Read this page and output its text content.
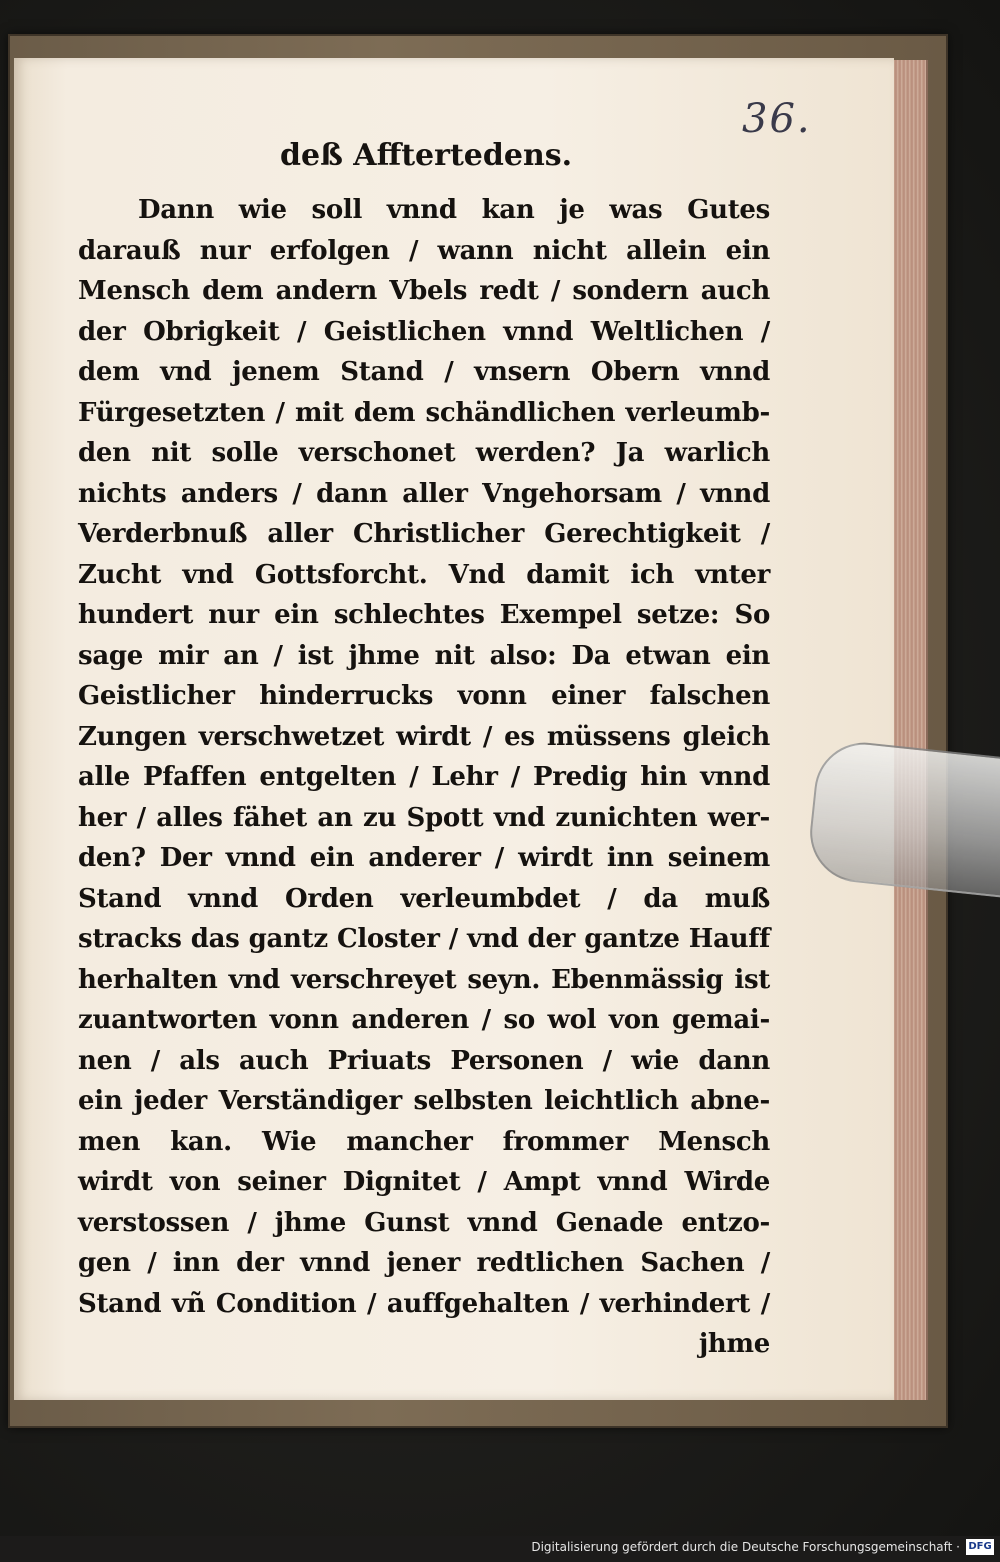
36.
deß Afftertedens.
Dann wie soll vnnd kan je was Gutes
darauß nur erfolgen / wann nicht allein ein
Mensch dem andern Vbels redt / sondern auch
der Obrigkeit / Geistlichen vnnd Weltlichen /
dem vnd jenem Stand / vnsern Obern vnnd
Fürgesetzten / mit dem schändlichen verleumb-
den nit solle verschonet werden? Ja warlich
nichts anders / dann aller Vngehorsam / vnnd
Verderbnuß aller Christlicher Gerechtigkeit /
Zucht vnd Gottsforcht. Vnd damit ich vnter
hundert nur ein schlechtes Exempel setze: So
sage mir an / ist jhme nit also: Da etwan ein
Geistlicher hinderrucks vonn einer falschen
Zungen verschwetzet wirdt / es müssens gleich
alle Pfaffen entgelten / Lehr / Predig hin vnnd
her / alles fähet an zu Spott vnd zunichten wer-
den? Der vnnd ein anderer / wirdt inn seinem
Stand vnnd Orden verleumbdet / da muß
stracks das gantz Closter / vnd der gantze Hauff
herhalten vnd verschreyet seyn. Ebenmässig ist
zuantworten vonn anderen / so wol von gemai-
nen / als auch Priuats Personen / wie dann
ein jeder Verständiger selbsten leichtlich abne-
men kan. Wie mancher frommer Mensch
wirdt von seiner Dignitet / Ampt vnnd Wirde
verstossen / jhme Gunst vnnd Genade entzo-
gen / inn der vnnd jener redtlichen Sachen /
Stand vñ Condition / auffgehalten / verhindert /
jhme
Digitalisierung gefördert durch die Deutsche Forschungsgemeinschaft · DFG
